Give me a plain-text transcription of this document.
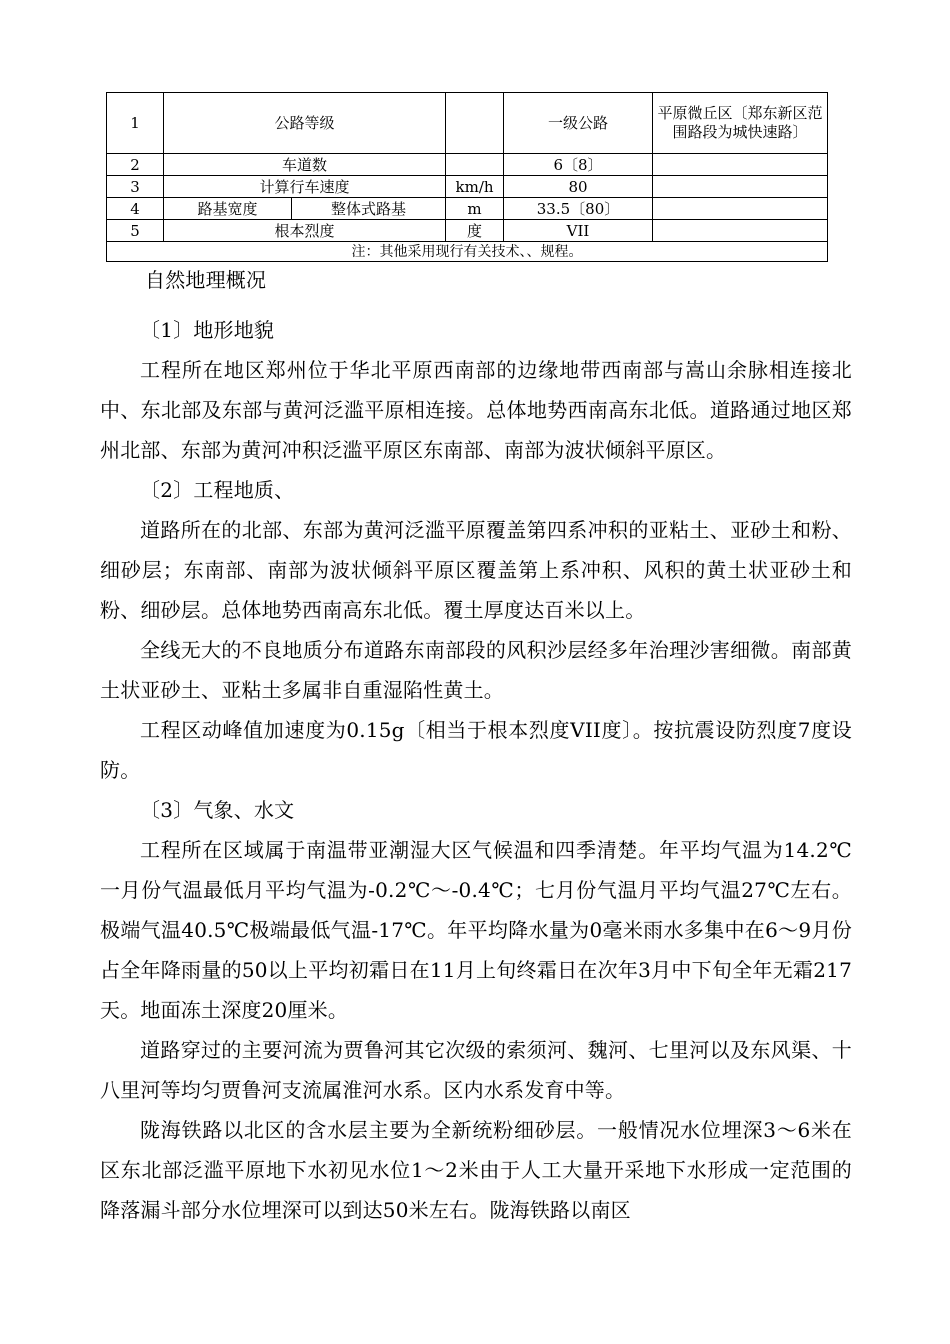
1	公路等级			一级公路	平原微丘区〔郑东新区范围路段为城快速路〕
2	车道数			6〔8〕	
3	计算行车速度		km/h	80	
4	路基宽度	整体式路基	m	33.5〔80〕	
5	根本烈度		度	VII	
注：其他采用现行有关技术、、规程。					

自然地理概况

〔1〕地形地貌

工程所在地区郑州位于华北平原西南部的边缘地带西南部与嵩山余脉相连接北中、东北部及东部与黄河泛滥平原相连接。总体地势西南高东北低。道路通过地区郑州北部、东部为黄河冲积泛滥平原区东南部、南部为波状倾斜平原区。

〔2〕工程地质、

道路所在的北部、东部为黄河泛滥平原覆盖第四系冲积的亚粘土、亚砂土和粉、细砂层；东南部、南部为波状倾斜平原区覆盖第上系冲积、风积的黄土状亚砂土和粉、细砂层。总体地势西南高东北低。覆土厚度达百米以上。

全线无大的不良地质分布道路东南部段的风积沙层经多年治理沙害细微。南部黄土状亚砂土、亚粘土多属非自重湿陷性黄土。

工程区动峰值加速度为0.15g〔相当于根本烈度VII度〕。按抗震设防烈度7度设防。

〔3〕气象、水文

工程所在区域属于南温带亚潮湿大区气候温和四季清楚。年平均气温为14.2℃一月份气温最低月平均气温为-0.2℃～-0.4℃；七月份气温月平均气温27℃左右。极端气温40.5℃极端最低气温-17℃。年平均降水量为0毫米雨水多集中在6～9月份占全年降雨量的50以上平均初霜日在11月上旬终霜日在次年3月中下旬全年无霜217天。地面冻土深度20厘米。

道路穿过的主要河流为贾鲁河其它次级的索须河、魏河、七里河以及东风渠、十八里河等均匀贾鲁河支流属淮河水系。区内水系发育中等。

陇海铁路以北区的含水层主要为全新统粉细砂层。一般情况水位埋深3～6米在区东北部泛滥平原地下水初见水位1～2米由于人工大量开采地下水形成一定范围的降落漏斗部分水位埋深可以到达50米左右。陇海铁路以南区
